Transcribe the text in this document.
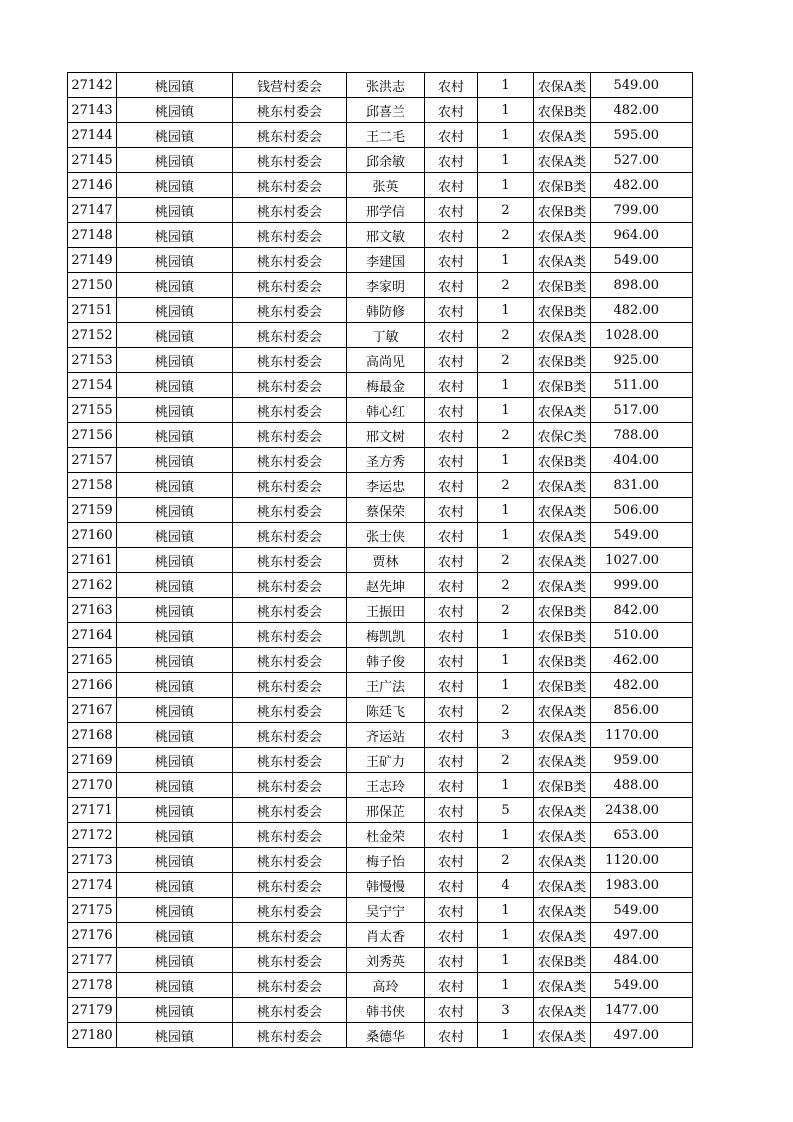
27142	桃园镇	钱营村委会	张洪志	农村	1	农保A类	549.00
27143	桃园镇	桃东村委会	邱喜兰	农村	1	农保B类	482.00
27144	桃园镇	桃东村委会	王二毛	农村	1	农保A类	595.00
27145	桃园镇	桃东村委会	邱余敏	农村	1	农保A类	527.00
27146	桃园镇	桃东村委会	张英	农村	1	农保B类	482.00
27147	桃园镇	桃东村委会	邢学信	农村	2	农保B类	799.00
27148	桃园镇	桃东村委会	邢文敏	农村	2	农保A类	964.00
27149	桃园镇	桃东村委会	李建国	农村	1	农保A类	549.00
27150	桃园镇	桃东村委会	李家明	农村	2	农保B类	898.00
27151	桃园镇	桃东村委会	韩防修	农村	1	农保B类	482.00
27152	桃园镇	桃东村委会	丁敏	农村	2	农保A类	1028.00
27153	桃园镇	桃东村委会	高尚见	农村	2	农保B类	925.00
27154	桃园镇	桃东村委会	梅最金	农村	1	农保B类	511.00
27155	桃园镇	桃东村委会	韩心红	农村	1	农保A类	517.00
27156	桃园镇	桃东村委会	邢文树	农村	2	农保C类	788.00
27157	桃园镇	桃东村委会	圣方秀	农村	1	农保B类	404.00
27158	桃园镇	桃东村委会	李运忠	农村	2	农保A类	831.00
27159	桃园镇	桃东村委会	蔡保荣	农村	1	农保A类	506.00
27160	桃园镇	桃东村委会	张士侠	农村	1	农保A类	549.00
27161	桃园镇	桃东村委会	贾林	农村	2	农保A类	1027.00
27162	桃园镇	桃东村委会	赵先坤	农村	2	农保A类	999.00
27163	桃园镇	桃东村委会	王振田	农村	2	农保B类	842.00
27164	桃园镇	桃东村委会	梅凯凯	农村	1	农保B类	510.00
27165	桃园镇	桃东村委会	韩子俊	农村	1	农保B类	462.00
27166	桃园镇	桃东村委会	王广法	农村	1	农保B类	482.00
27167	桃园镇	桃东村委会	陈廷飞	农村	2	农保A类	856.00
27168	桃园镇	桃东村委会	齐运站	农村	3	农保A类	1170.00
27169	桃园镇	桃东村委会	王矿力	农村	2	农保A类	959.00
27170	桃园镇	桃东村委会	王志玲	农村	1	农保B类	488.00
27171	桃园镇	桃东村委会	邢保芷	农村	5	农保A类	2438.00
27172	桃园镇	桃东村委会	杜金荣	农村	1	农保A类	653.00
27173	桃园镇	桃东村委会	梅子怡	农村	2	农保A类	1120.00
27174	桃园镇	桃东村委会	韩慢慢	农村	4	农保A类	1983.00
27175	桃园镇	桃东村委会	吴宁宁	农村	1	农保A类	549.00
27176	桃园镇	桃东村委会	肖太香	农村	1	农保A类	497.00
27177	桃园镇	桃东村委会	刘秀英	农村	1	农保B类	484.00
27178	桃园镇	桃东村委会	高玲	农村	1	农保A类	549.00
27179	桃园镇	桃东村委会	韩书侠	农村	3	农保A类	1477.00
27180	桃园镇	桃东村委会	桑德华	农村	1	农保A类	497.00
